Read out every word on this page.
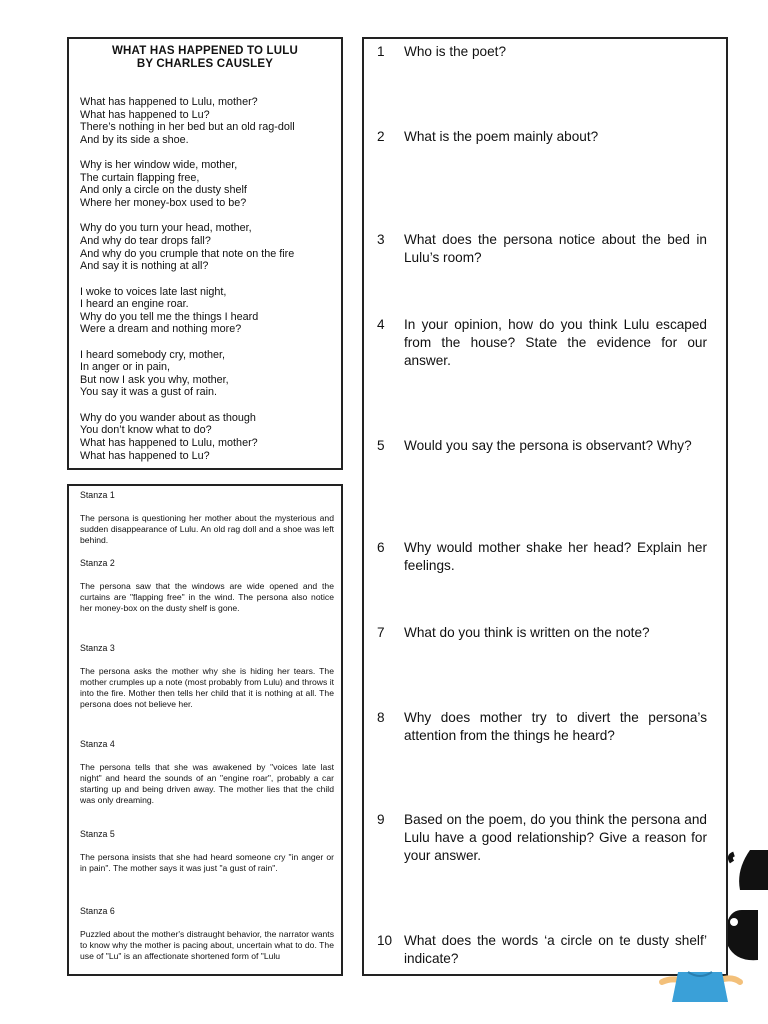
WHAT HAS HAPPENED TO LULU
BY CHARLES CAUSLEY
What has happened to Lulu, mother?
What has happened to Lu?
There’s nothing in her bed but an old rag-doll
And by its side a shoe.
Why is her window wide, mother,
The curtain flapping free,
And only a circle on the dusty shelf
Where her money-box used to be?
Why do you turn your head, mother,
And why do tear drops fall?
And why do you crumple that note on the fire
And say it is nothing at all?
I woke to voices late last night,
I heard an engine roar.
Why do you tell me the things I heard
Were a dream and nothing more?
I heard somebody cry, mother,
In anger or in pain,
But now I ask you why, mother,
You say it was a gust of rain.
Why do you wander about as though
You don’t know what to do?
What has happened to Lulu, mother?
What has happened to Lu?
Stanza 1
The persona is questioning her mother about the mysterious and sudden disappearance of Lulu. An old rag doll and a shoe was left behind.
Stanza 2
The persona saw that the windows are wide opened and the curtains are "flapping free" in the wind. The persona also notice her money-box on the dusty shelf is gone.
Stanza 3
The persona asks the mother why she is hiding her tears. The mother crumples up a note (most probably from Lulu) and throws it into the fire. Mother then tells her child that it is nothing at all. The persona does not believe her.
Stanza 4
The persona tells that she was awakened by "voices late last night" and heard the sounds of an "engine roar", probably a car starting up and being driven away. The mother lies that the child was only dreaming.
Stanza 5
The persona insists that she had heard someone cry "in anger or in pain". The mother says it was just "a gust of rain".
Stanza 6
Puzzled about the mother's distraught behavior, the narrator wants to know why the mother is pacing about, uncertain what to do. The use of "Lu" is an affectionate shortened form of "Lulu
1	Who is the poet?
2	What is the poem mainly about?
3	What does the persona notice about the bed in Lulu’s room?
4	In your opinion, how do you think Lulu escaped from the house? State the evidence for our answer.
5	Would you say the persona is observant? Why?
6	Why would mother shake her head? Explain her feelings.
7	What do you think is written on the note?
8	Why does mother try to divert the persona’s attention from the things he heard?
9	Based on the poem, do you think the persona and Lulu have a good relationship? Give a reason for your answer.
10 What does the words ‘a circle on te dusty shelf’ indicate?
